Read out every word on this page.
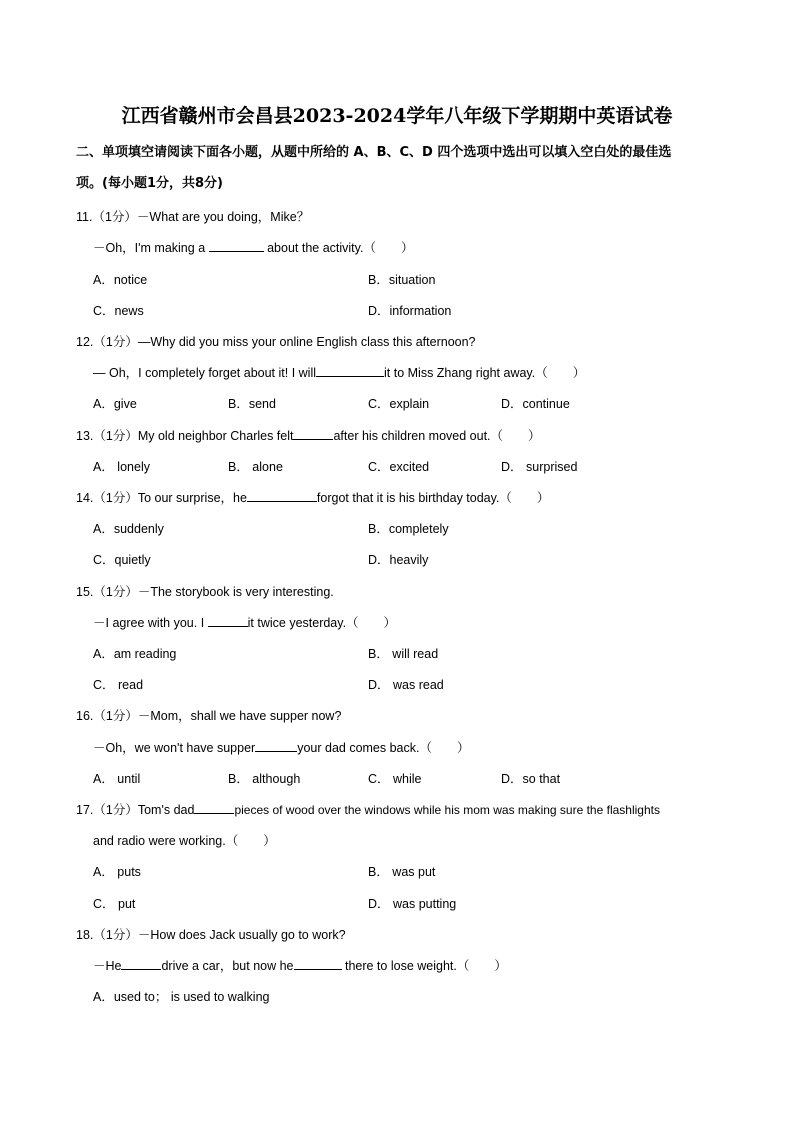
江西省赣州市会昌县2023-2024学年八年级下学期期中英语试卷
二、单项填空请阅读下面各小题，从题中所给的 A、B、C、D 四个选项中选出可以填入空白处的最佳选
项。(每小题1分，共8分)
11.（1分）－What are you doing，Mike？
－Oh，I'm making a	about the activity.（　　）
A．notice	B．situation
C．news	D．information
12.（1分）—Why did you miss your online English class this afternoon?
— Oh，I completely forget about it! I will	it to Miss Zhang right away.（　　）
A．give	B．send	C．explain	D．continue
13.（1分）My old neighbor Charles felt	after his children moved out.（　　）
A． lonely	B． alone	C．excited	D． surprised
14.（1分）To our surprise，he	forgot that it is his birthday today.（　　）
A．suddenly	B．completely
C．quietly	D．heavily
15.（1分）－The storybook is very interesting.
－I agree with you. I	it twice yesterday.（　　）
A．am reading	B． will read
C． read	D． was read
16.（1分）－Mom，shall we have supper now?
－Oh，we won't have supper	your dad comes back.（　　）
A． until	B． although	C． while	D．so that
17.（1分）Tom's dad	pieces of wood over the windows while his mom was making sure the flashlights
and radio were working.（　　）
A． puts	B． was put
C． put	D． was putting
18.（1分）－How does Jack usually go to work?
－He	drive a car，but now he	there to lose weight.（　　）
A．used to； is used to walking
